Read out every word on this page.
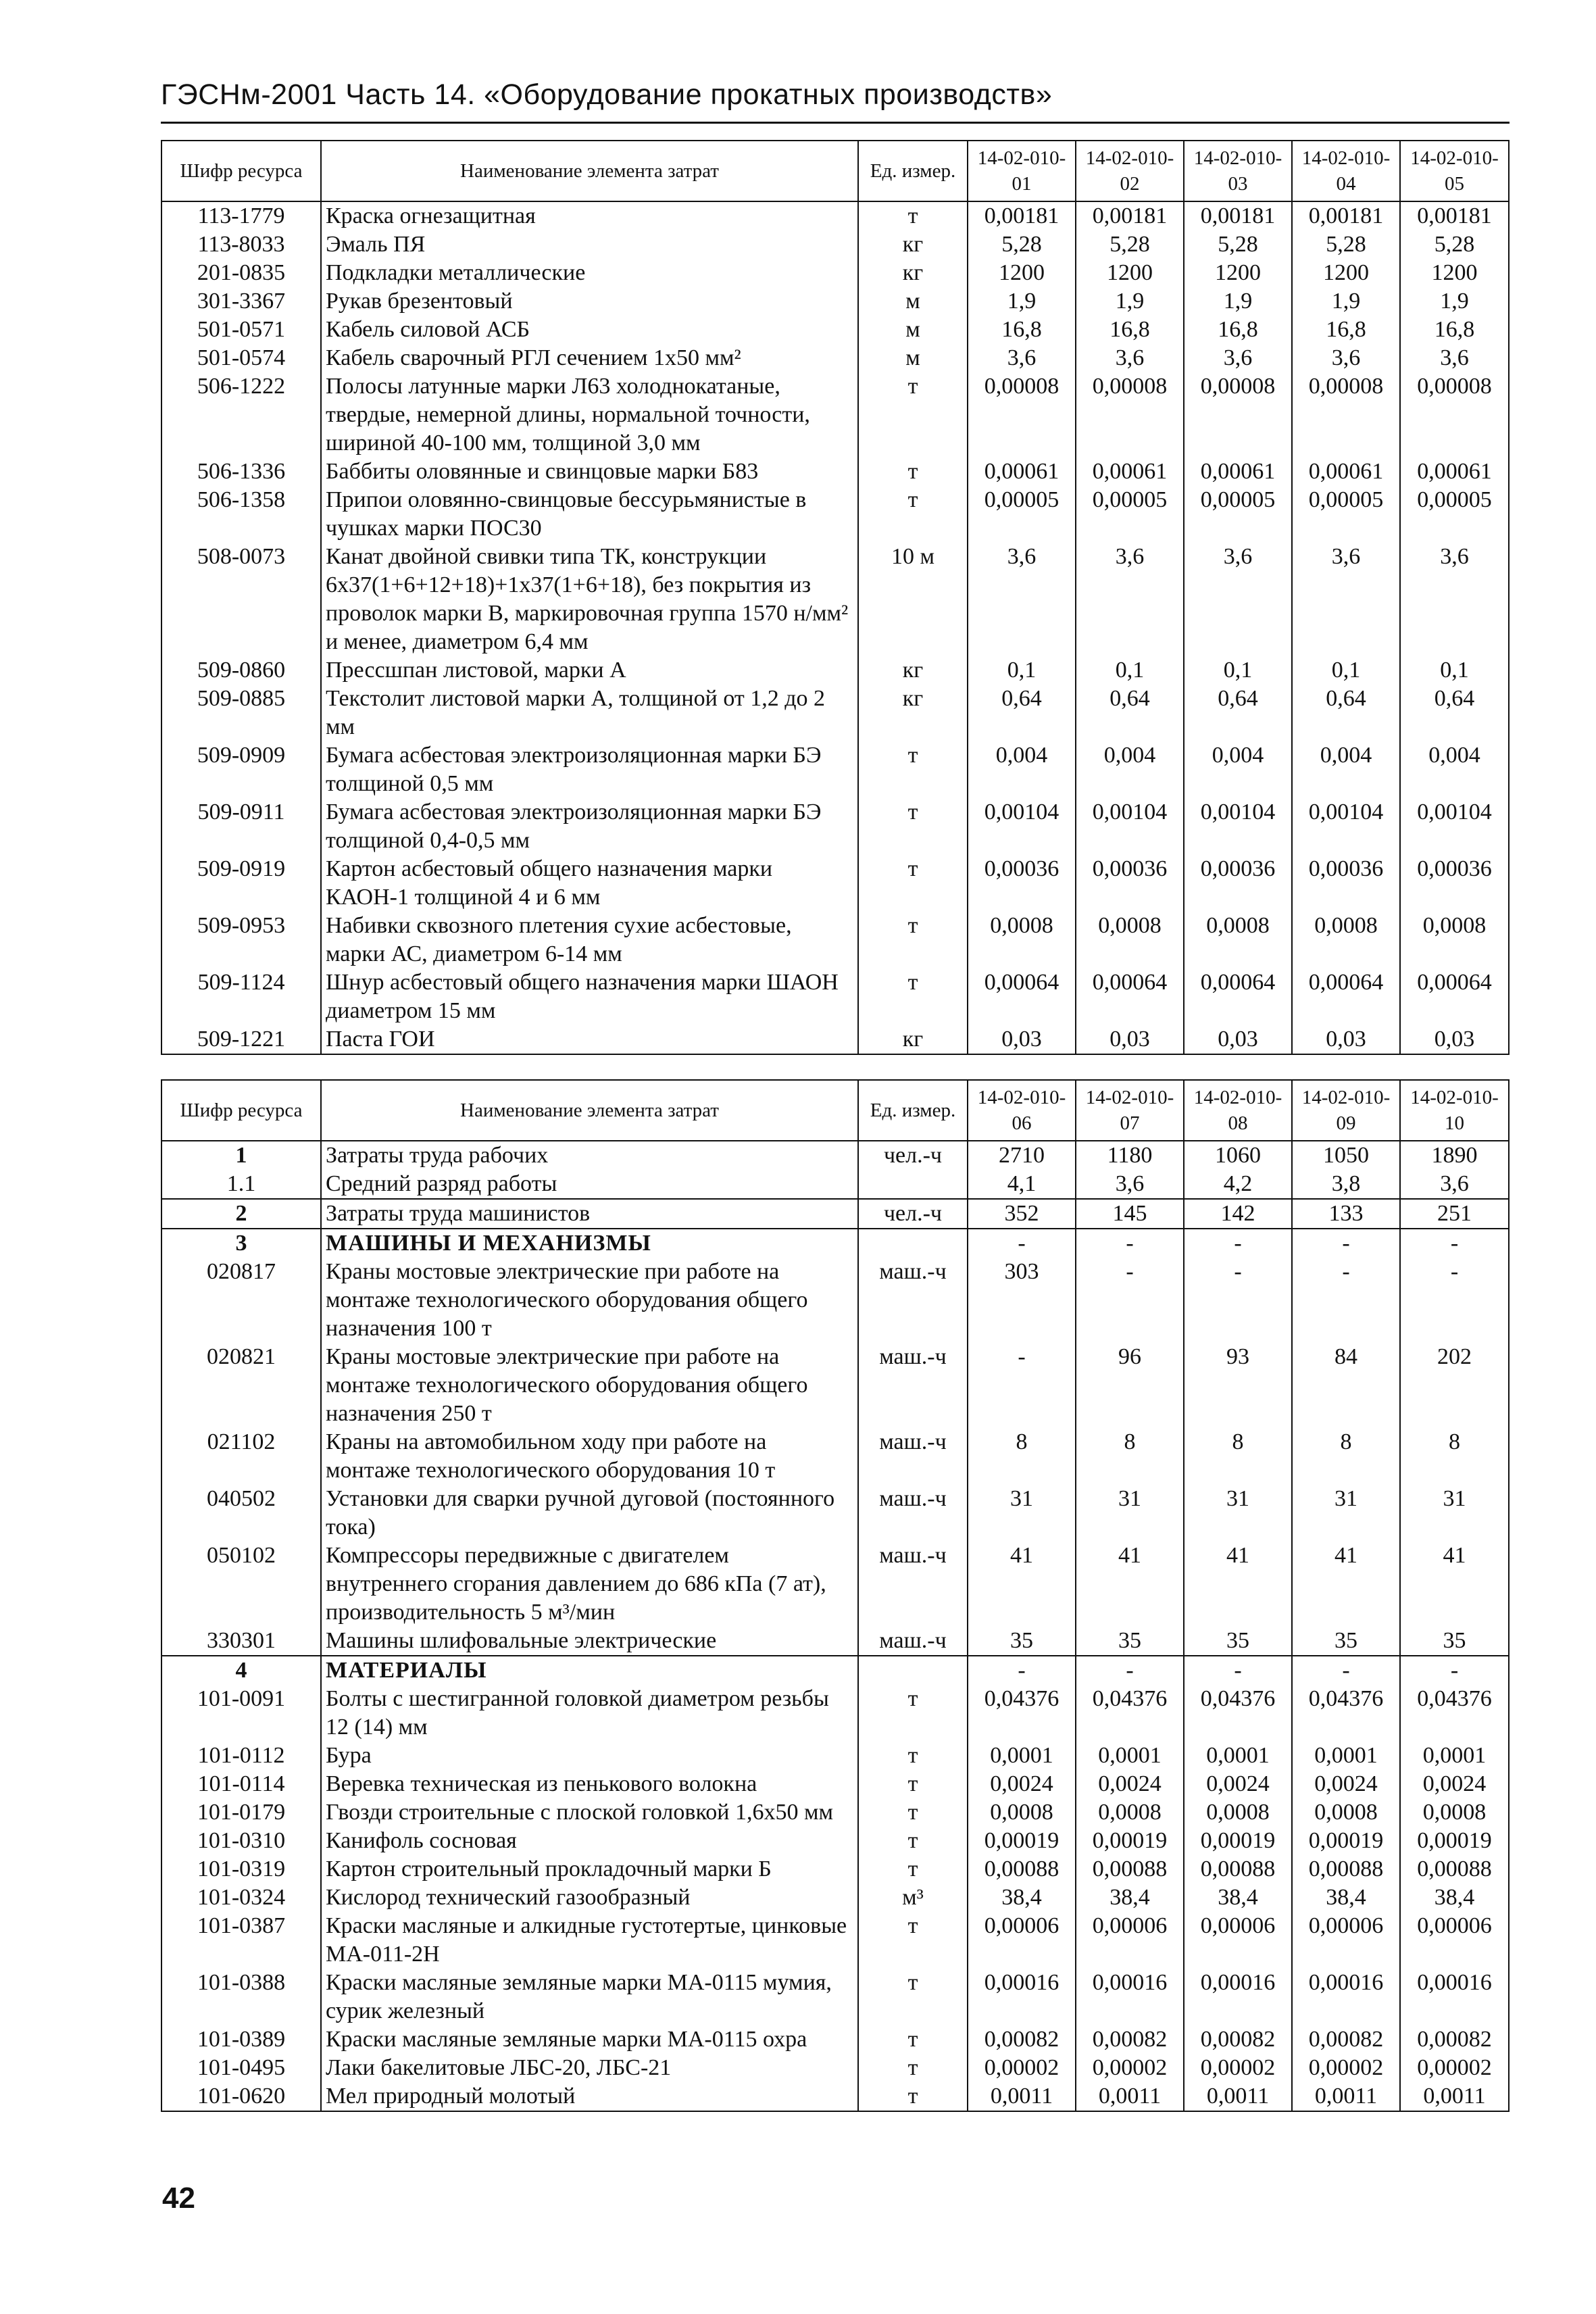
ГЭСНм-2001 Часть 14. «Оборудование прокатных производств»
Шифр ресурса	Наименование элемента затрат	Ед. измер.	14-02-010-01	14-02-010-02	14-02-010-03	14-02-010-04	14-02-010-05
113-1779	Краска огнезащитная	т	0,00181	0,00181	0,00181	0,00181	0,00181
113-8033	Эмаль ПЯ	кг	5,28	5,28	5,28	5,28	5,28
201-0835	Подкладки металлические	кг	1200	1200	1200	1200	1200
301-3367	Рукав брезентовый	м	1,9	1,9	1,9	1,9	1,9
501-0571	Кабель силовой АСБ	м	16,8	16,8	16,8	16,8	16,8
501-0574	Кабель сварочный РГЛ сечением 1х50 мм²	м	3,6	3,6	3,6	3,6	3,6
506-1222	Полосы латунные марки Л63 холоднокатаные, твердые, немерной длины, нормальной точности, шириной 40-100 мм, толщиной 3,0 мм	т	0,00008	0,00008	0,00008	0,00008	0,00008
506-1336	Баббиты оловянные и свинцовые марки Б83	т	0,00061	0,00061	0,00061	0,00061	0,00061
506-1358	Припои оловянно-свинцовые бессурьмянистые в чушках марки ПОС30	т	0,00005	0,00005	0,00005	0,00005	0,00005
508-0073	Канат двойной свивки типа ТК, конструкции 6х37(1+6+12+18)+1х37(1+6+18), без покрытия из проволок марки В, маркировочная группа 1570 н/мм² и менее, диаметром 6,4 мм	10 м	3,6	3,6	3,6	3,6	3,6
509-0860	Прессшпан листовой, марки А	кг	0,1	0,1	0,1	0,1	0,1
509-0885	Текстолит листовой марки А, толщиной от 1,2 до 2 мм	кг	0,64	0,64	0,64	0,64	0,64
509-0909	Бумага асбестовая электроизоляционная марки БЭ толщиной 0,5 мм	т	0,004	0,004	0,004	0,004	0,004
509-0911	Бумага асбестовая электроизоляционная марки БЭ толщиной 0,4-0,5 мм	т	0,00104	0,00104	0,00104	0,00104	0,00104
509-0919	Картон асбестовый общего назначения марки КАОН-1 толщиной 4 и 6 мм	т	0,00036	0,00036	0,00036	0,00036	0,00036
509-0953	Набивки сквозного плетения сухие асбестовые, марки АС, диаметром 6-14 мм	т	0,0008	0,0008	0,0008	0,0008	0,0008
509-1124	Шнур асбестовый общего назначения марки ШАОН диаметром 15 мм	т	0,00064	0,00064	0,00064	0,00064	0,00064
509-1221	Паста ГОИ	кг	0,03	0,03	0,03	0,03	0,03
Шифр ресурса	Наименование элемента затрат	Ед. измер.	14-02-010-06	14-02-010-07	14-02-010-08	14-02-010-09	14-02-010-10
1	Затраты труда рабочих	чел.-ч	2710	1180	1060	1050	1890
1.1	Средний разряд работы		4,1	3,6	4,2	3,8	3,6
2	Затраты труда машинистов	чел.-ч	352	145	142	133	251
3	МАШИНЫ И МЕХАНИЗМЫ		-	-	-	-	-
020817	Краны мостовые электрические при работе на монтаже технологического оборудования общего назначения 100 т	маш.-ч	303	-	-	-	-
020821	Краны мостовые электрические при работе на монтаже технологического оборудования общего назначения 250 т	маш.-ч	-	96	93	84	202
021102	Краны на автомобильном ходу при работе на монтаже технологического оборудования 10 т	маш.-ч	8	8	8	8	8
040502	Установки для сварки ручной дуговой (постоянного тока)	маш.-ч	31	31	31	31	31
050102	Компрессоры передвижные с двигателем внутреннего сгорания давлением до 686 кПа (7 ат), производительность 5 м³/мин	маш.-ч	41	41	41	41	41
330301	Машины шлифовальные электрические	маш.-ч	35	35	35	35	35
4	МАТЕРИАЛЫ		-	-	-	-	-
101-0091	Болты с шестигранной головкой диаметром резьбы 12 (14) мм	т	0,04376	0,04376	0,04376	0,04376	0,04376
101-0112	Бура	т	0,0001	0,0001	0,0001	0,0001	0,0001
101-0114	Веревка техническая из пенькового волокна	т	0,0024	0,0024	0,0024	0,0024	0,0024
101-0179	Гвозди строительные с плоской головкой 1,6х50 мм	т	0,0008	0,0008	0,0008	0,0008	0,0008
101-0310	Канифоль сосновая	т	0,00019	0,00019	0,00019	0,00019	0,00019
101-0319	Картон строительный прокладочный марки Б	т	0,00088	0,00088	0,00088	0,00088	0,00088
101-0324	Кислород технический газообразный	м³	38,4	38,4	38,4	38,4	38,4
101-0387	Краски масляные и алкидные густотертые, цинковые МА-011-2Н	т	0,00006	0,00006	0,00006	0,00006	0,00006
101-0388	Краски масляные земляные марки МА-0115 мумия, сурик железный	т	0,00016	0,00016	0,00016	0,00016	0,00016
101-0389	Краски масляные земляные марки МА-0115 охра	т	0,00082	0,00082	0,00082	0,00082	0,00082
101-0495	Лаки бакелитовые ЛБС-20, ЛБС-21	т	0,00002	0,00002	0,00002	0,00002	0,00002
101-0620	Мел природный молотый	т	0,0011	0,0011	0,0011	0,0011	0,0011
42
